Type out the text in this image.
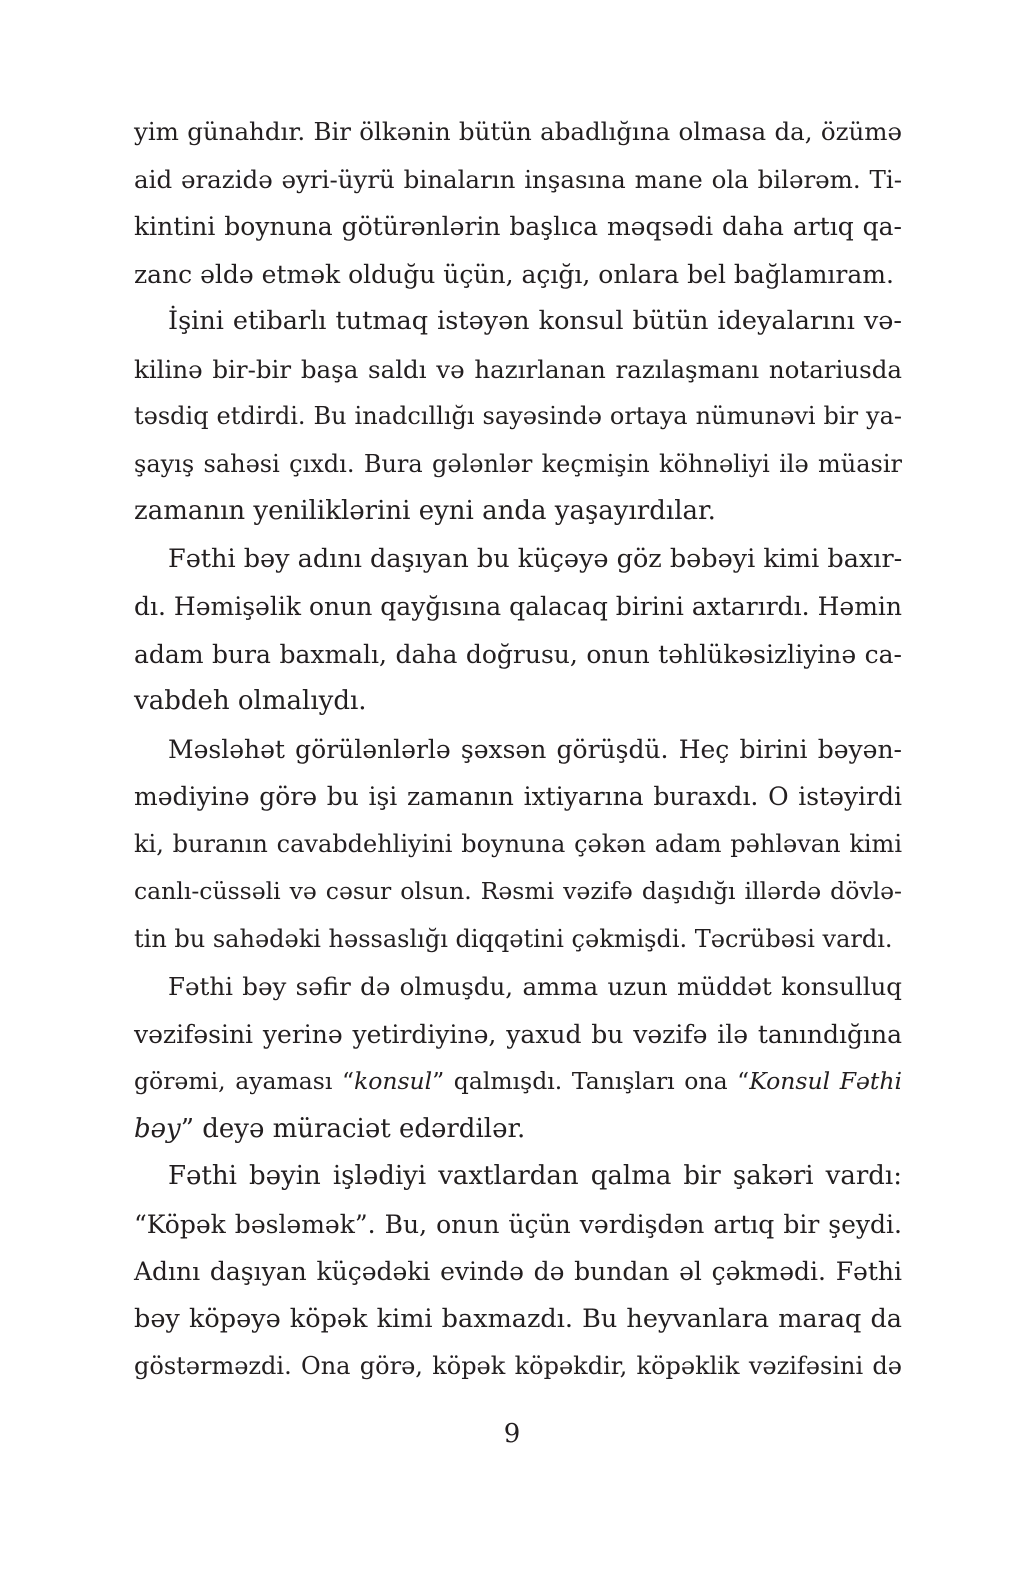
yim günahdır. Bir ölkənin bütün abadlığına olmasa da, özümə
aid ərazidə əyri-üyrü binaların inşasına mane ola bilərəm. Ti-
kintini boynuna götürənlərin başlıca məqsədi daha artıq qa-
zanc əldə etmək olduğu üçün, açığı, onlara bel bağlamıram.

İşini etibarlı tutmaq istəyən konsul bütün ideyalarını və-
kilinə bir-bir başa saldı və hazırlanan razılaşmanı notariusda
təsdiq etdirdi. Bu inadcıllığı sayəsində ortaya nümunəvi bir ya-
şayış sahəsi çıxdı. Bura gələnlər keçmişin köhnəliyi ilə müasir
zamanın yeniliklərini eyni anda yaşayırdılar.

Fəthi bəy adını daşıyan bu küçəyə göz bəbəyi kimi baxır-
dı. Həmişəlik onun qayğısına qalacaq birini axtarırdı. Həmin
adam bura baxmalı, daha doğrusu, onun təhlükəsizliyinə ca-
vabdeh olmalıydı.

Məsləhət görülənlərlə şəxsən görüşdü. Heç birini bəyən-
mədiyinə görə bu işi zamanın ixtiyarına buraxdı. O istəyirdi
ki, buranın cavabdehliyini boynuna çəkən adam pəhləvan kimi
canlı-cüssəli və cəsur olsun. Rəsmi vəzifə daşıdığı illərdə dövlə-
tin bu sahədəki həssaslığı diqqətini çəkmişdi. Təcrübəsi vardı.

Fəthi bəy səfir də olmuşdu, amma uzun müddət konsulluq
vəzifəsini yerinə yetirdiyinə, yaxud bu vəzifə ilə tanındığına
görəmi, ayaması “konsul” qalmışdı. Tanışları ona “Konsul Fəthi
bəy” deyə müraciət edərdilər.

Fəthi bəyin işlədiyi vaxtlardan qalma bir şakəri vardı:
“Köpək bəsləmək”. Bu, onun üçün vərdişdən artıq bir şeydi.
Adını daşıyan küçədəki evində də bundan əl çəkmədi. Fəthi
bəy köpəyə köpək kimi baxmazdı. Bu heyvanlara maraq da
göstərməzdi. Ona görə, köpək köpəkdir, köpəklik vəzifəsini də

9
